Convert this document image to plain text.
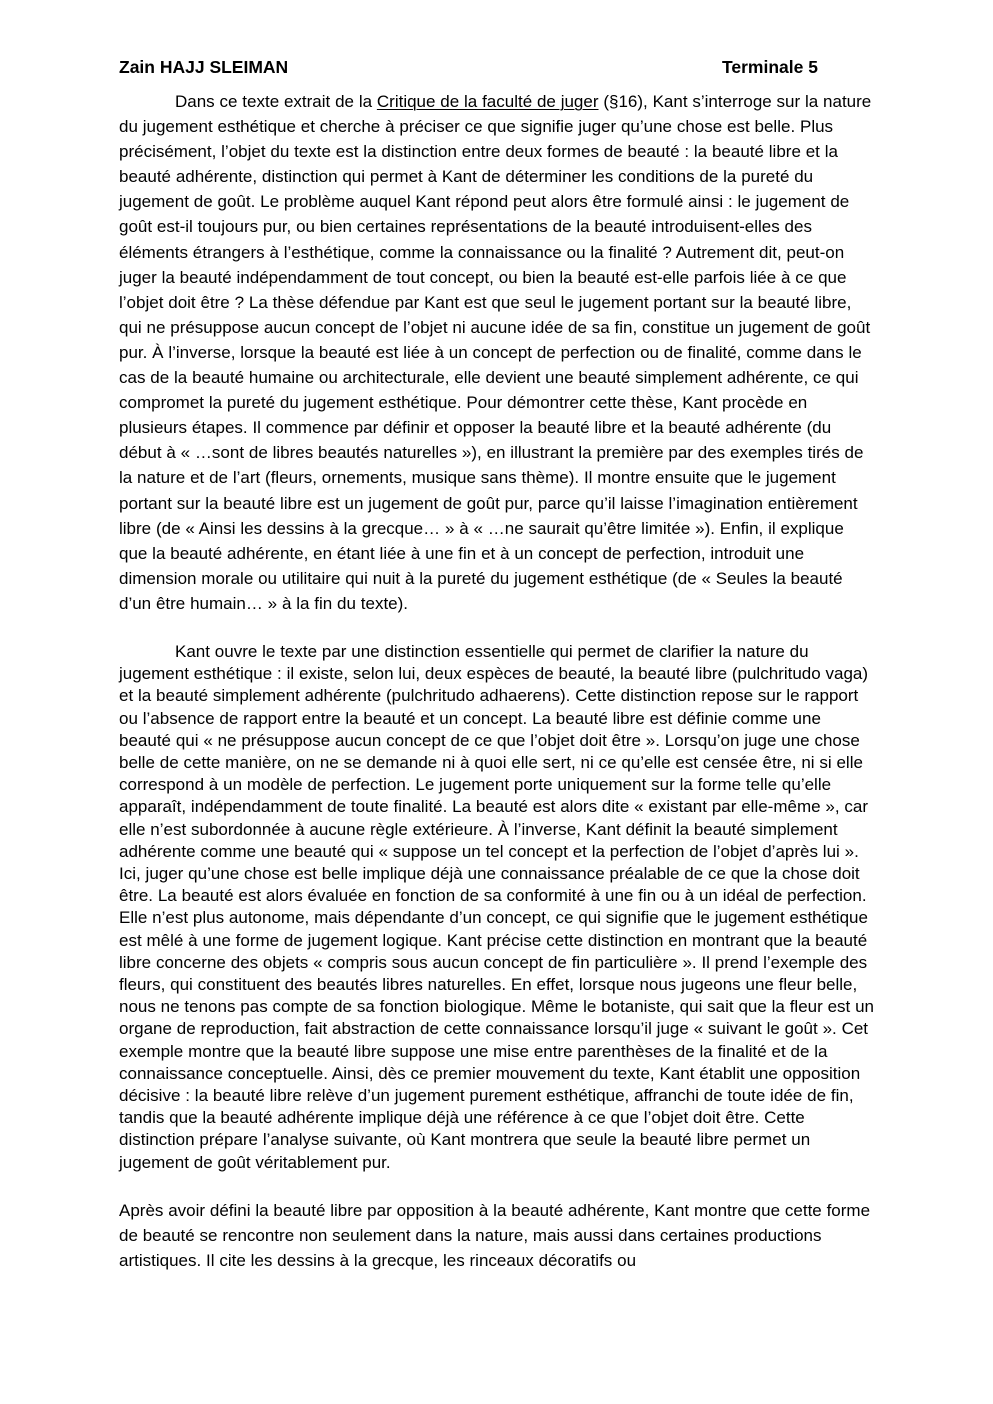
Zain HAJJ SLEIMAN	Terminale 5

Dans ce texte extrait de la Critique de la faculté de juger (§16), Kant s’interroge sur la nature du jugement esthétique et cherche à préciser ce que signifie juger qu’une chose est belle. Plus précisément, l’objet du texte est la distinction entre deux formes de beauté : la beauté libre et la beauté adhérente, distinction qui permet à Kant de déterminer les conditions de la pureté du jugement de goût. Le problème auquel Kant répond peut alors être formulé ainsi : le jugement de goût est-il toujours pur, ou bien certaines représentations de la beauté introduisent-elles des éléments étrangers à l’esthétique, comme la connaissance ou la finalité ? Autrement dit, peut-on juger la beauté indépendamment de tout concept, ou bien la beauté est-elle parfois liée à ce que l’objet doit être ? La thèse défendue par Kant est que seul le jugement portant sur la beauté libre, qui ne présuppose aucun concept de l’objet ni aucune idée de sa fin, constitue un jugement de goût pur. À l’inverse, lorsque la beauté est liée à un concept de perfection ou de finalité, comme dans le cas de la beauté humaine ou architecturale, elle devient une beauté simplement adhérente, ce qui compromet la pureté du jugement esthétique. Pour démontrer cette thèse, Kant procède en plusieurs étapes. Il commence par définir et opposer la beauté libre et la beauté adhérente (du début à « …sont de libres beautés naturelles »), en illustrant la première par des exemples tirés de la nature et de l’art (fleurs, ornements, musique sans thème). Il montre ensuite que le jugement portant sur la beauté libre est un jugement de goût pur, parce qu’il laisse l’imagination entièrement libre (de « Ainsi les dessins à la grecque… » à « …ne saurait qu’être limitée »). Enfin, il explique que la beauté adhérente, en étant liée à une fin et à un concept de perfection, introduit une dimension morale ou utilitaire qui nuit à la pureté du jugement esthétique (de « Seules la beauté d’un être humain… » à la fin du texte).

Kant ouvre le texte par une distinction essentielle qui permet de clarifier la nature du jugement esthétique : il existe, selon lui, deux espèces de beauté, la beauté libre (pulchritudo vaga) et la beauté simplement adhérente (pulchritudo adhaerens). Cette distinction repose sur le rapport ou l’absence de rapport entre la beauté et un concept. La beauté libre est définie comme une beauté qui « ne présuppose aucun concept de ce que l’objet doit être ». Lorsqu’on juge une chose belle de cette manière, on ne se demande ni à quoi elle sert, ni ce qu’elle est censée être, ni si elle correspond à un modèle de perfection. Le jugement porte uniquement sur la forme telle qu’elle apparaît, indépendamment de toute finalité. La beauté est alors dite « existant par elle-même », car elle n’est subordonnée à aucune règle extérieure. À l’inverse, Kant définit la beauté simplement adhérente comme une beauté qui « suppose un tel concept et la perfection de l’objet d’après lui ». Ici, juger qu’une chose est belle implique déjà une connaissance préalable de ce que la chose doit être. La beauté est alors évaluée en fonction de sa conformité à une fin ou à un idéal de perfection. Elle n’est plus autonome, mais dépendante d’un concept, ce qui signifie que le jugement esthétique est mêlé à une forme de jugement logique. Kant précise cette distinction en montrant que la beauté libre concerne des objets « compris sous aucun concept de fin particulière ». Il prend l’exemple des fleurs, qui constituent des beautés libres naturelles. En effet, lorsque nous jugeons une fleur belle, nous ne tenons pas compte de sa fonction biologique. Même le botaniste, qui sait que la fleur est un organe de reproduction, fait abstraction de cette connaissance lorsqu’il juge « suivant le goût ». Cet exemple montre que la beauté libre suppose une mise entre parenthèses de la finalité et de la connaissance conceptuelle. Ainsi, dès ce premier mouvement du texte, Kant établit une opposition décisive : la beauté libre relève d’un jugement purement esthétique, affranchi de toute idée de fin, tandis que la beauté adhérente implique déjà une référence à ce que l’objet doit être. Cette distinction prépare l’analyse suivante, où Kant montrera que seule la beauté libre permet un jugement de goût véritablement pur.

Après avoir défini la beauté libre par opposition à la beauté adhérente, Kant montre que cette forme de beauté se rencontre non seulement dans la nature, mais aussi dans certaines productions artistiques. Il cite les dessins à la grecque, les rinceaux décoratifs ou
